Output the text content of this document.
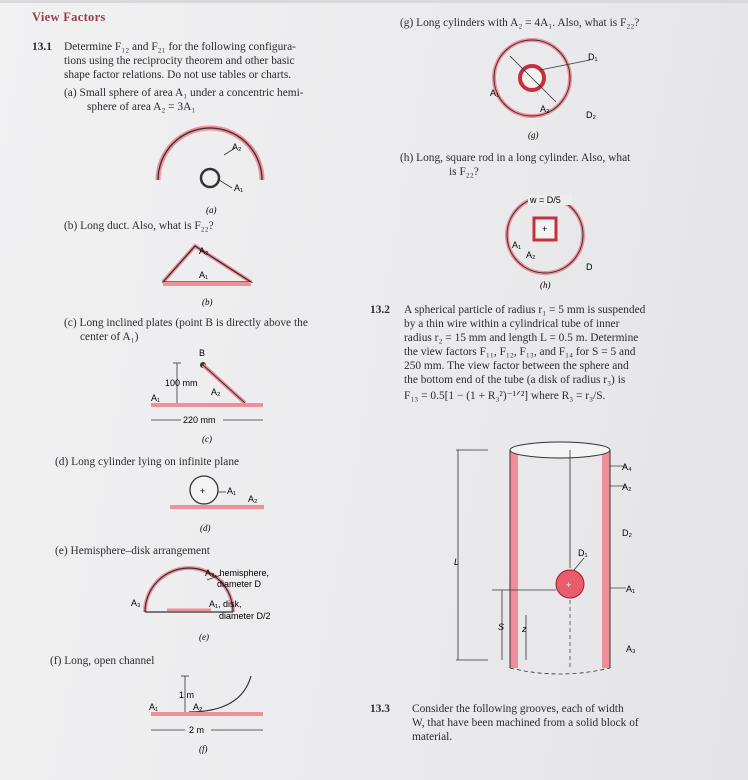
View Factors
13.1 Determine F₁₂ and F₂₁ for the following configura-
tions using the reciprocity theorem and other basic
shape factor relations. Do not use tables or charts.
(a) Small sphere of area A₁ under a concentric hemi-
sphere of area A₂ = 3A₁
A₂
A₁
(a)
(b) Long duct. Also, what is F₂₂?
A₂
A₁
(b)
(c) Long inclined plates (point B is directly above the
center of A₁)
B
100 mm
A₂
A₁
220 mm
(c)
(d) Long cylinder lying on infinite plane
+ A₁
A₂
(d)
(e) Hemisphere–disk arrangement
A₂, hemisphere,
diameter D
A₁, disk,
diameter D/2
A₃
(e)
(f) Long, open channel
1 m
A₁	A₂
2 m
(f)
(g) Long cylinders with A₂ = 4A₁. Also, what is F₂₂?
D₁
A₁
A₂
D₂
(g)
(h) Long, square rod in a long cylinder. Also, what
is F₂₂?
+
w = D/5
A₁
A₂
D
(h)
13.2 A spherical particle of radius r₁ = 5 mm is suspended
by a thin wire within a cylindrical tube of inner
radius r₂ = 15 mm and length L = 0.5 m. Determine
the view factors F₁₁, F₁₂, F₁₃, and F₁₄ for S = 5 and
250 mm. The view factor between the sphere and
the bottom end of the tube (a disk of radius r₃) is
F₁₃ = 0.5[1 − (1 + R₃²)⁻¹ᐟ²] where R₃ = r₃/S.
L
+
D₁
A₄
A₂
D₂
A₁
A₃
S z
13.3 Consider the following grooves, each of width
W, that have been machined from a solid block of
material.
